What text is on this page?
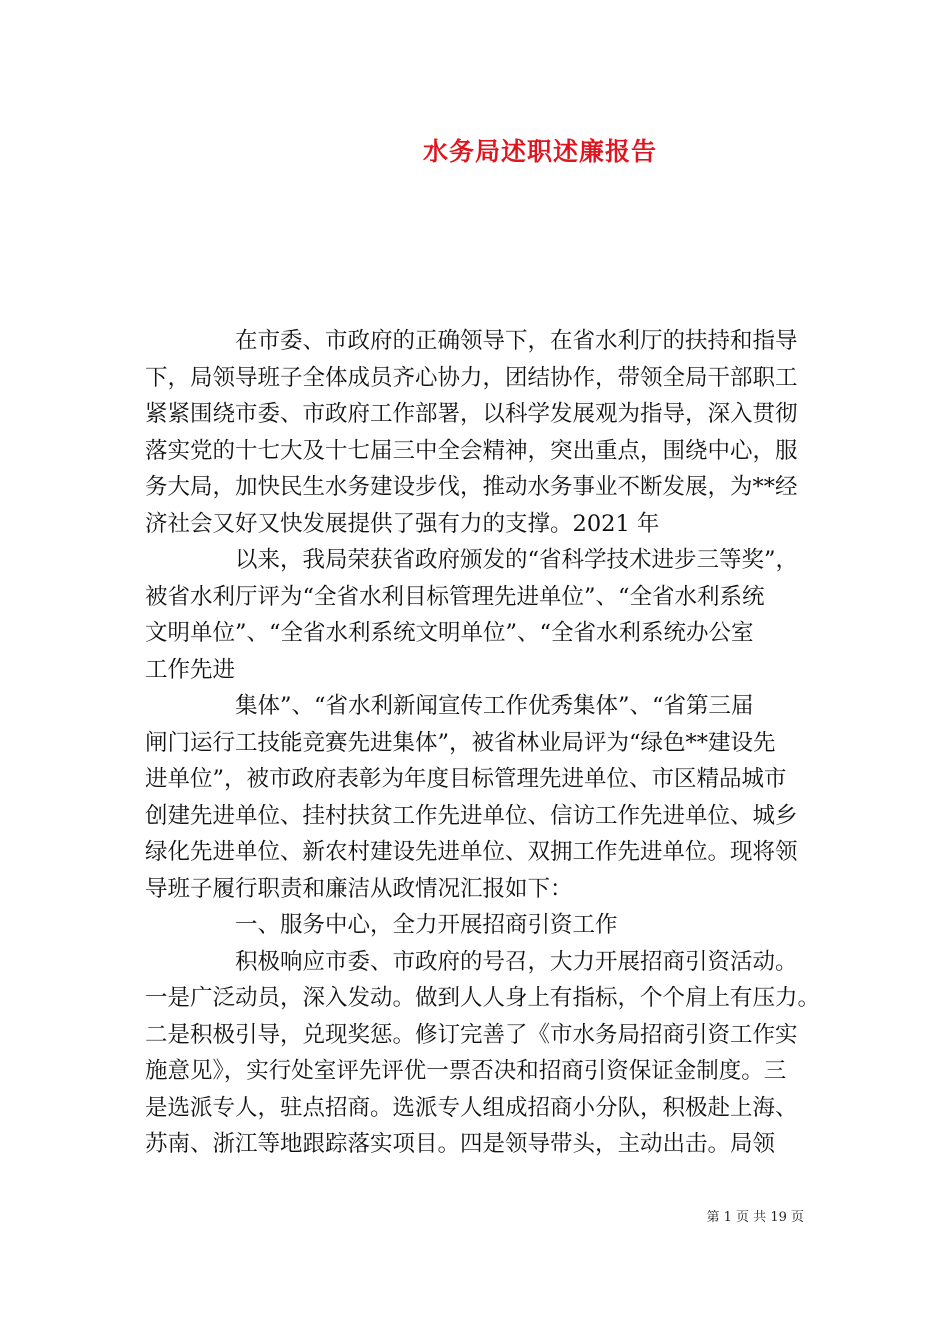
水务局述职述廉报告
在市委、市政府的正确领导下，在省水利厅的扶持和指导
下，局领导班子全体成员齐心协力，团结协作，带领全局干部职工
紧紧围绕市委、市政府工作部署，以科学发展观为指导，深入贯彻
落实党的十七大及十七届三中全会精神，突出重点，围绕中心，服
务大局，加快民生水务建设步伐，推动水务事业不断发展，为**经
济社会又好又快发展提供了强有力的支撑。2021 年
以来，我局荣获省政府颁发的“省科学技术进步三等奖”，
被省水利厅评为“全省水利目标管理先进单位”、“全省水利系统
文明单位”、“全省水利系统文明单位”、“全省水利系统办公室
工作先进
集体”、“省水利新闻宣传工作优秀集体”、“省第三届
闸门运行工技能竞赛先进集体”，被省林业局评为“绿色**建设先
进单位”，被市政府表彰为年度目标管理先进单位、市区精品城市
创建先进单位、挂村扶贫工作先进单位、信访工作先进单位、城乡
绿化先进单位、新农村建设先进单位、双拥工作先进单位。现将领
导班子履行职责和廉洁从政情况汇报如下：
一、服务中心，全力开展招商引资工作
积极响应市委、市政府的号召，大力开展招商引资活动。
一是广泛动员，深入发动。做到人人身上有指标，个个肩上有压力。
二是积极引导，兑现奖惩。修订完善了《市水务局招商引资工作实
施意见》，实行处室评先评优一票否决和招商引资保证金制度。三
是选派专人，驻点招商。选派专人组成招商小分队，积极赴上海、
苏南、浙江等地跟踪落实项目。四是领导带头，主动出击。局领
第 1 页 共 19 页
